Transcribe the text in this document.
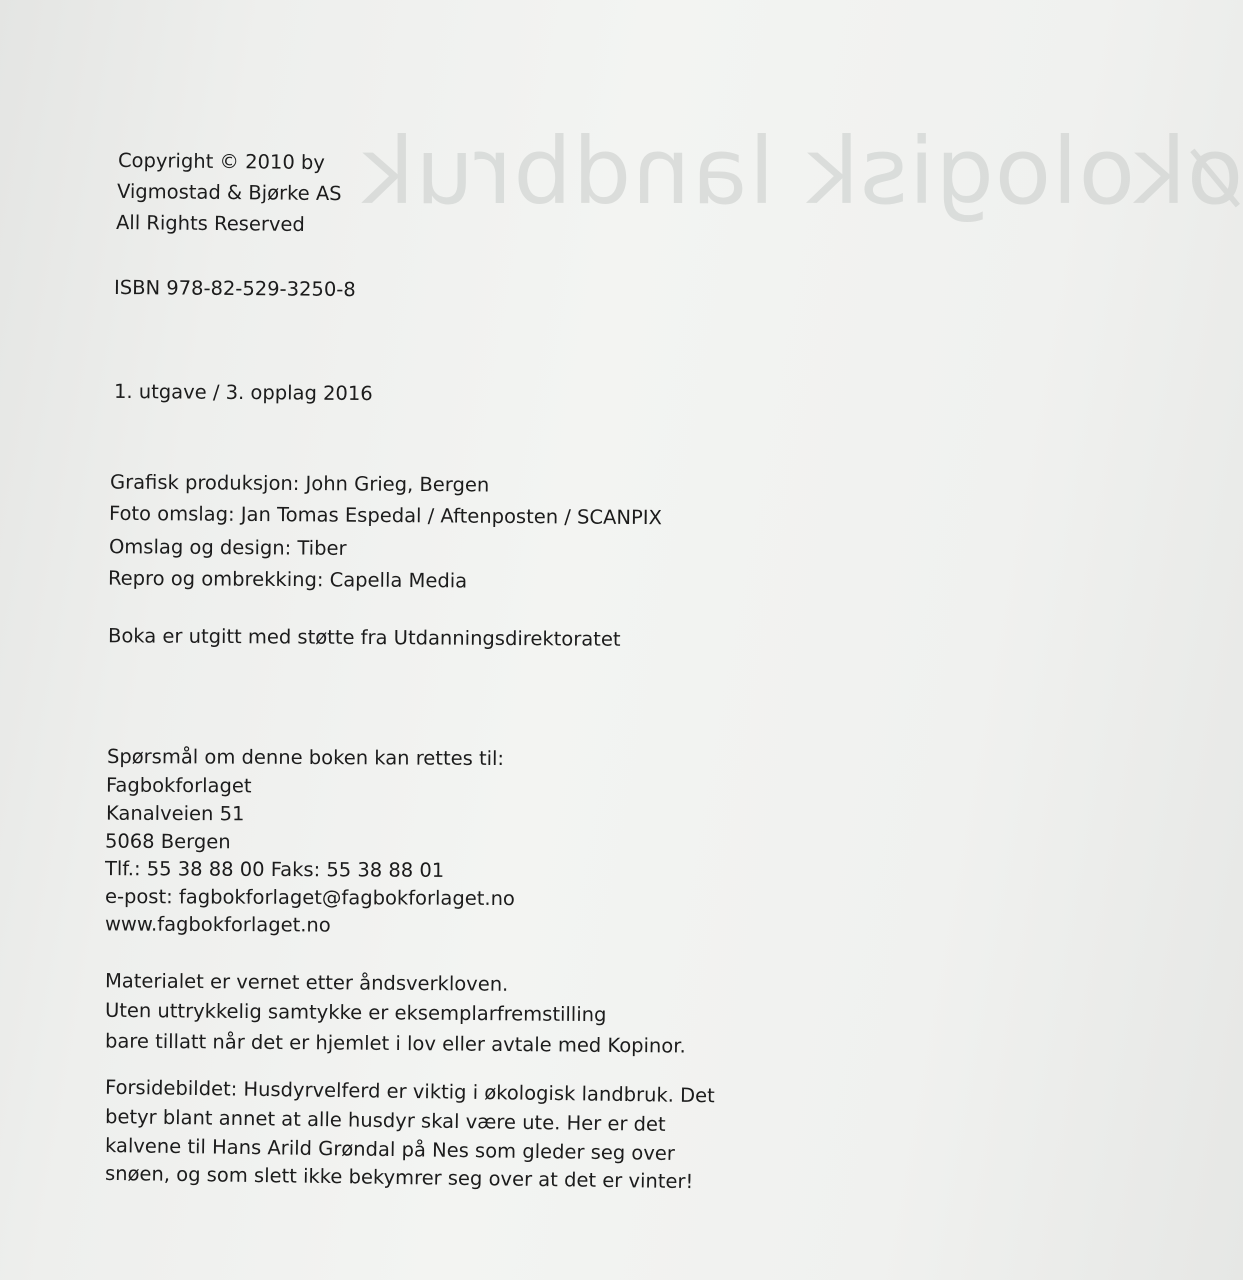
økologisk landbruk
Copyright © 2010 by
Vigmostad & Bjørke AS
All Rights Reserved
ISBN 978-82-529-3250-8
1. utgave / 3. opplag 2016
Grafisk produksjon: John Grieg, Bergen
Foto omslag: Jan Tomas Espedal / Aftenposten / SCANPIX
Omslag og design: Tiber
Repro og ombrekking: Capella Media
Boka er utgitt med støtte fra Utdanningsdirektoratet
Spørsmål om denne boken kan rettes til:
Fagbokforlaget
Kanalveien 51
5068 Bergen
Tlf.: 55 38 88 00 Faks: 55 38 88 01
e-post: fagbokforlaget@fagbokforlaget.no
www.fagbokforlaget.no
Materialet er vernet etter åndsverkloven.
Uten uttrykkelig samtykke er eksemplarfremstilling
bare tillatt når det er hjemlet i lov eller avtale med Kopinor.
Forsidebildet: Husdyrvelferd er viktig i økologisk landbruk. Det
betyr blant annet at alle husdyr skal være ute. Her er det
kalvene til Hans Arild Grøndal på Nes som gleder seg over
snøen, og som slett ikke bekymrer seg over at det er vinter!
